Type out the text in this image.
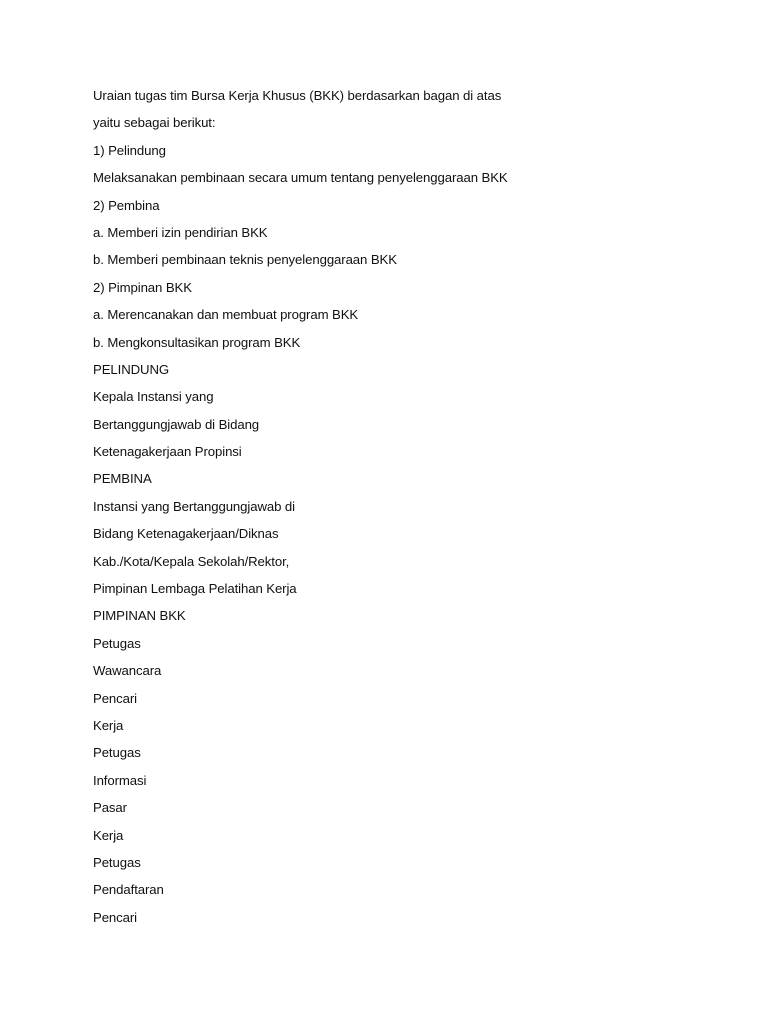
Uraian tugas tim Bursa Kerja Khusus (BKK) berdasarkan bagan di atas
yaitu sebagai berikut:
1) Pelindung
Melaksanakan pembinaan secara umum tentang penyelenggaraan BKK
2) Pembina
a. Memberi izin pendirian BKK
b. Memberi pembinaan teknis penyelenggaraan BKK
2) Pimpinan BKK
a. Merencanakan dan membuat program BKK
b. Mengkonsultasikan program BKK
PELINDUNG
Kepala Instansi yang
Bertanggungjawab di Bidang
Ketenagakerjaan Propinsi
PEMBINA
Instansi yang Bertanggungjawab di
Bidang Ketenagakerjaan/Diknas
Kab./Kota/Kepala Sekolah/Rektor,
Pimpinan Lembaga Pelatihan Kerja
PIMPINAN BKK
Petugas
Wawancara
Pencari
Kerja
Petugas
Informasi
Pasar
Kerja
Petugas
Pendaftaran
Pencari
